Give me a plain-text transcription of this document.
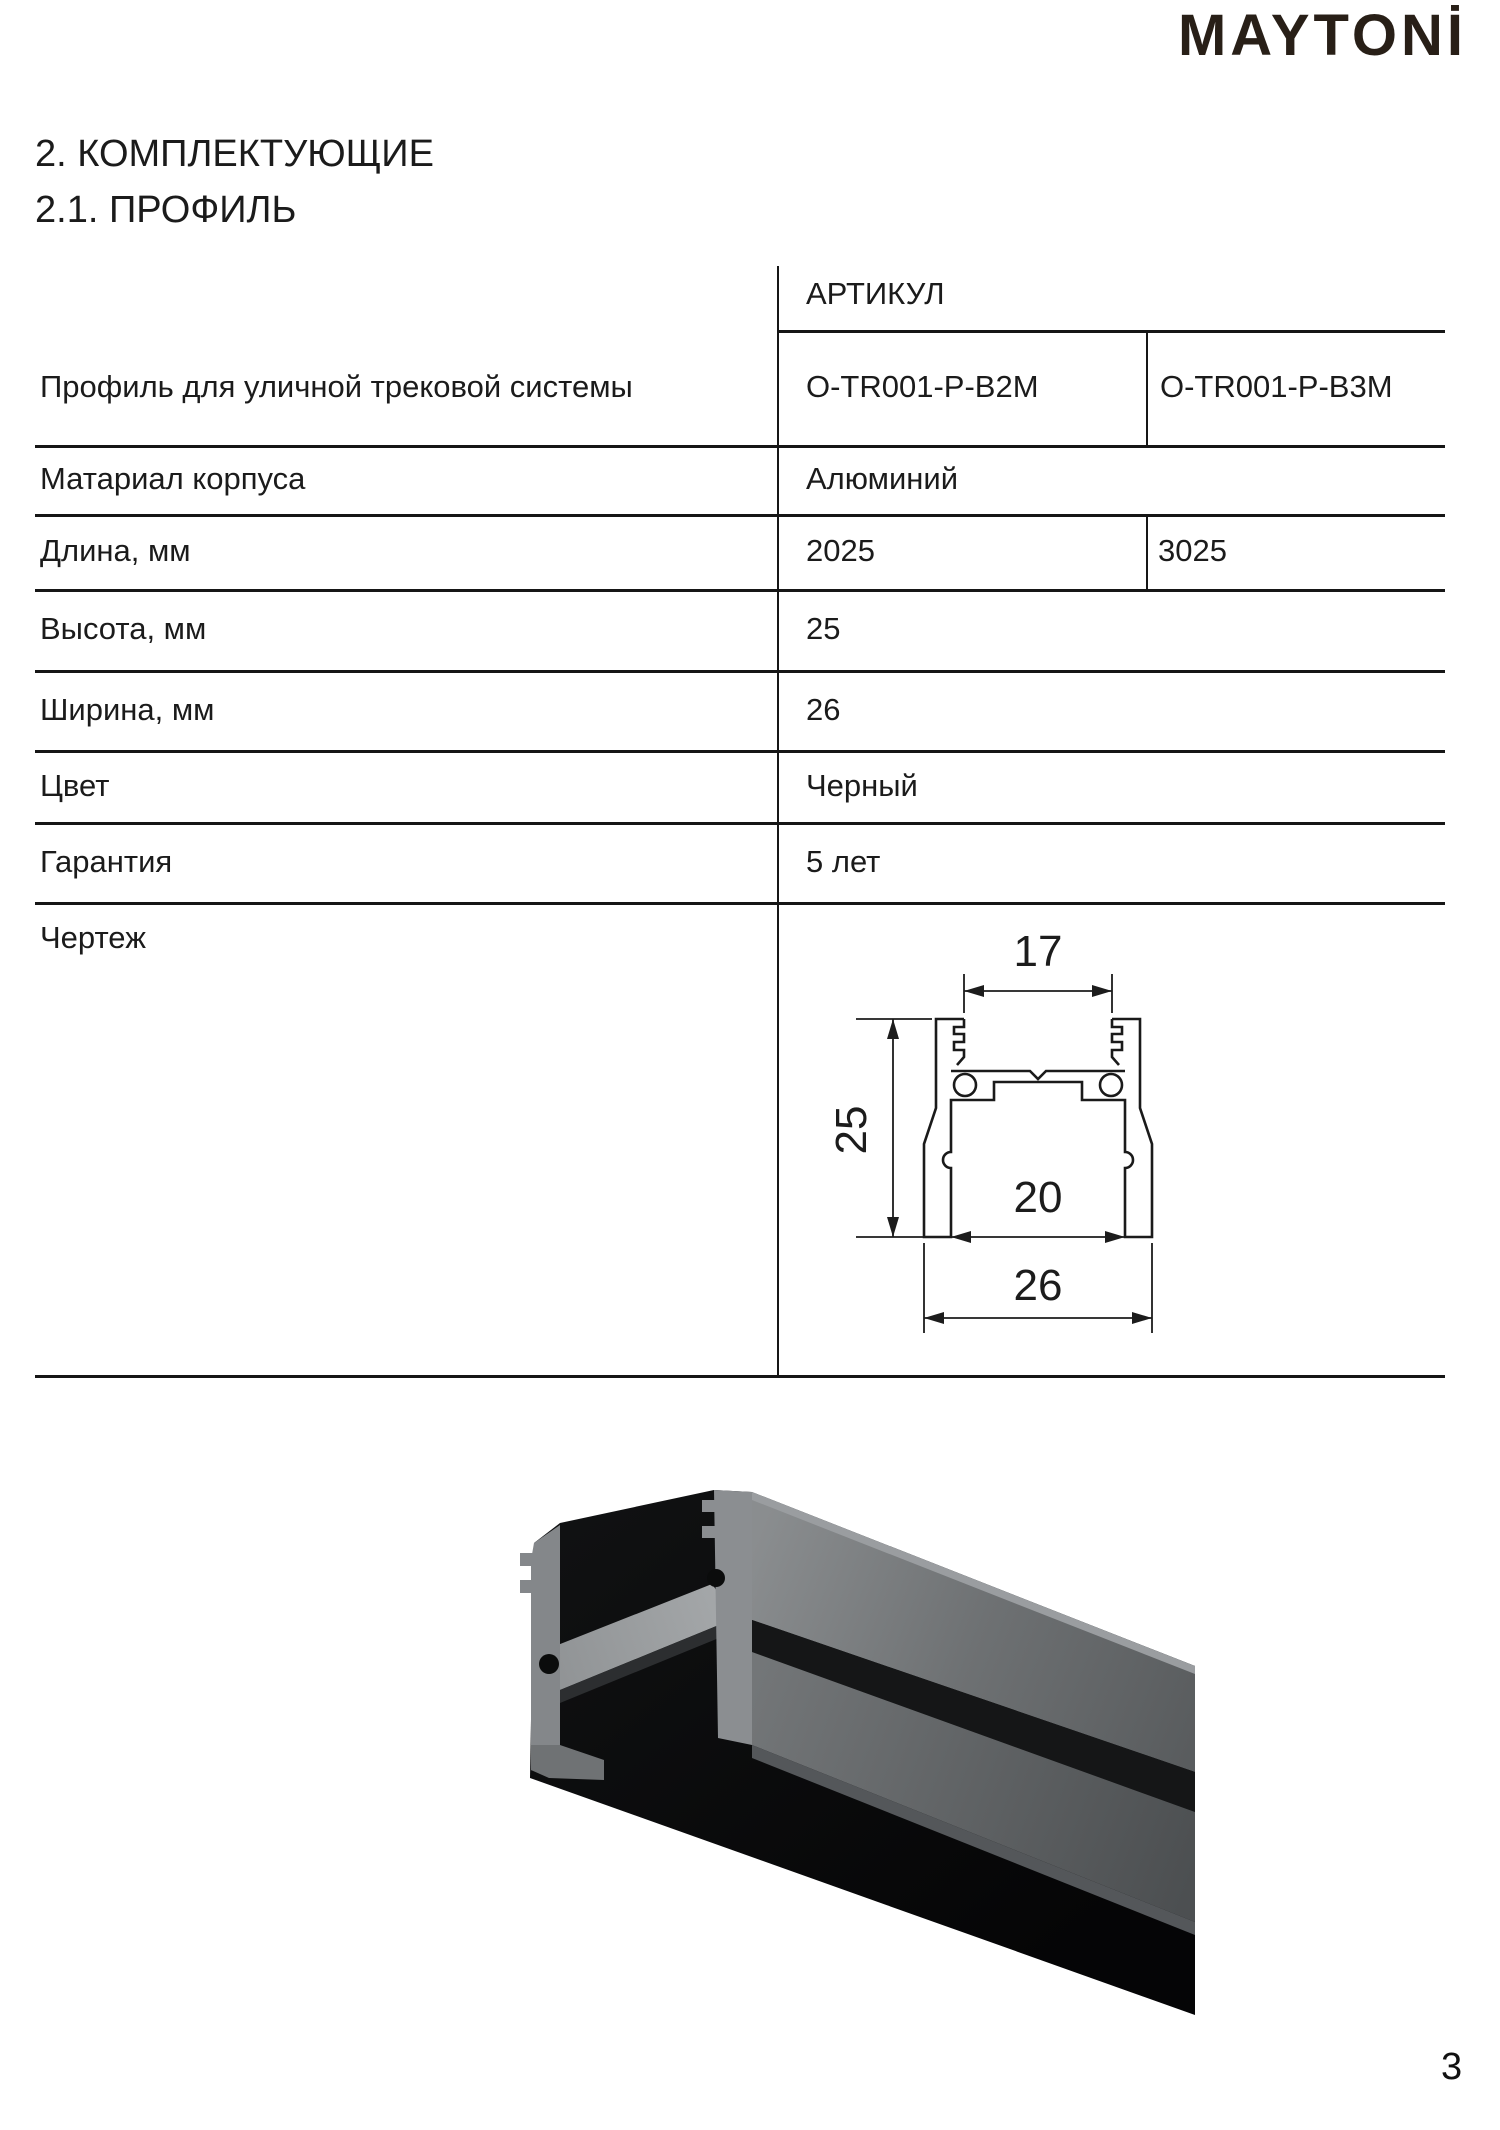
MAYTONİ
2. КОМПЛЕКТУЮЩИЕ
2.1. ПРОФИЛЬ
АРТИКУЛ
Профиль для уличной трековой системы	O-TR001-P-B2M	O-TR001-P-B3M
Матариал корпуса	Алюминий
Длина, мм	2025	3025
Высота, мм	25
Ширина, мм	26
Цвет	Черный
Гарантия	5 лет
Чертеж	17
25
20
26
3
